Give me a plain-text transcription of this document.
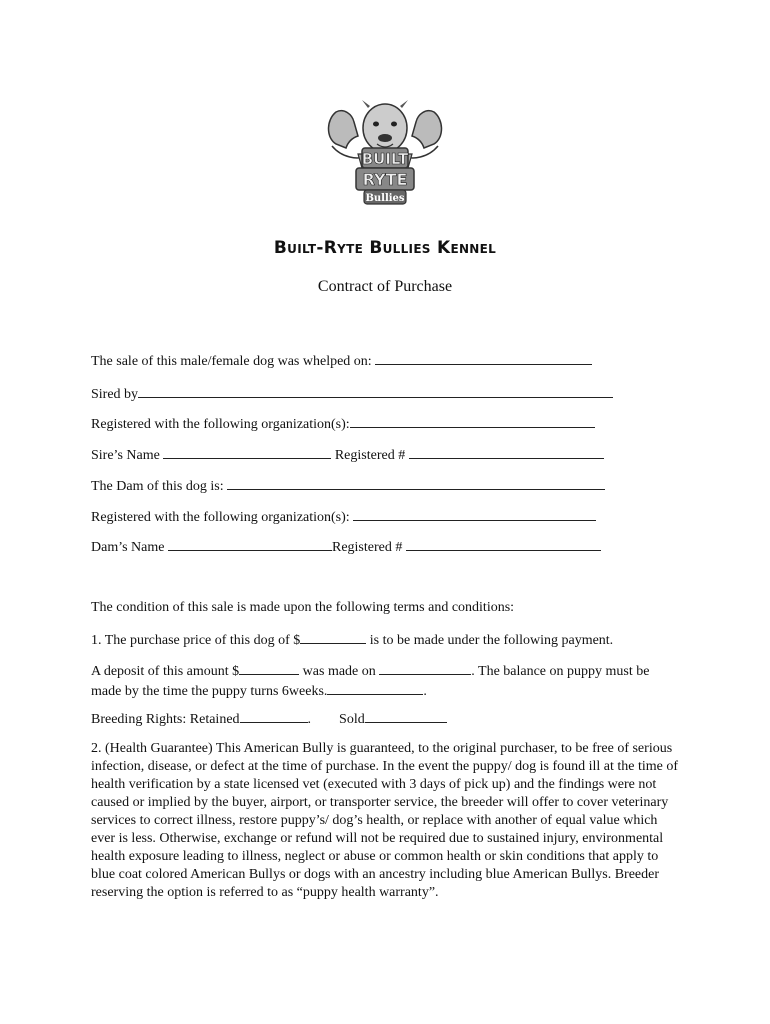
BUILT
RYTE
Bullies
Built-Ryte Bullies Kennel
Contract of Purchase
The sale of this male/female dog was whelped on:
Sired by
Registered with the following organization(s):
Sire’s Name	Registered #
The Dam of this dog is:
Registered with the following organization(s):
Dam’s Name	Registered #
The condition of this sale is made upon the following terms and conditions:
1. The purchase price of this dog of $	is to be made under the following payment.
A deposit of this amount $	was made on	. The balance on puppy must be made by the time the puppy turns 6weeks.	.
Breeding Rights: Retained	.        Sold
2. (Health Guarantee) This American Bully is guaranteed, to the original purchaser, to be free of serious infection, disease, or defect at the time of purchase. In the event the puppy/ dog is found ill at the time of health verification by a state licensed vet (executed with 3 days of pick up) and the findings were not caused or implied by the buyer, airport, or transporter service, the breeder will offer to cover veterinary services to correct illness, restore puppy’s/ dog’s health, or replace with another of equal value which ever is less. Otherwise, exchange or refund will not be required due to sustained injury, environmental health exposure leading to illness, neglect or abuse or common health or skin conditions that apply to blue coat colored American Bullys or dogs with an ancestry including blue American Bullys. Breeder reserving the option is referred to as “puppy health warranty”.
